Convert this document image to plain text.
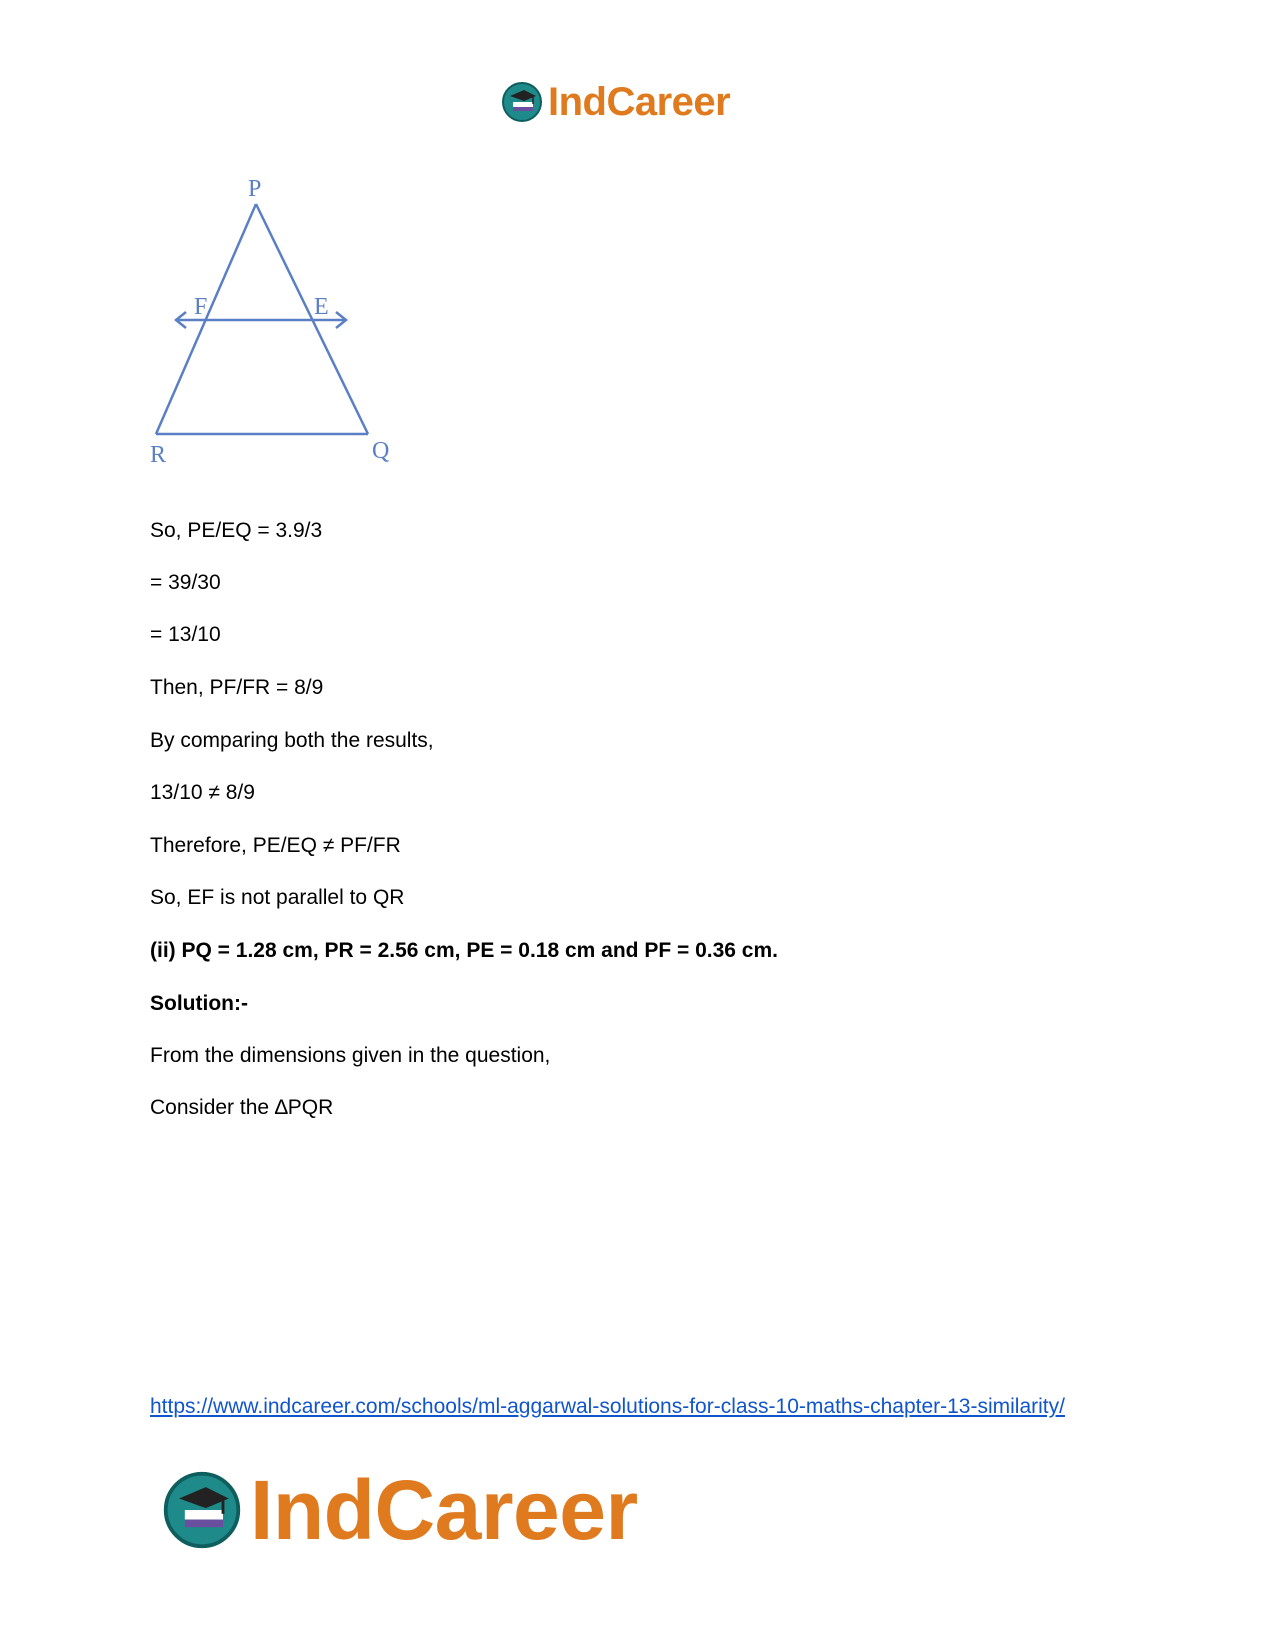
IndCareer
P
F	E
R	Q
So, PE/EQ = 3.9/3
= 39/30
= 13/10
Then, PF/FR = 8/9
By comparing both the results,
13/10 ≠ 8/9
Therefore, PE/EQ ≠ PF/FR
So, EF is not parallel to QR
(ii) PQ = 1.28 cm, PR = 2.56 cm, PE = 0.18 cm and PF = 0.36 cm.
Solution:-
From the dimensions given in the question,
Consider the ∆PQR
https://www.indcareer.com/schools/ml-aggarwal-solutions-for-class-10-maths-chapter-13-similarity/
IndCareer
